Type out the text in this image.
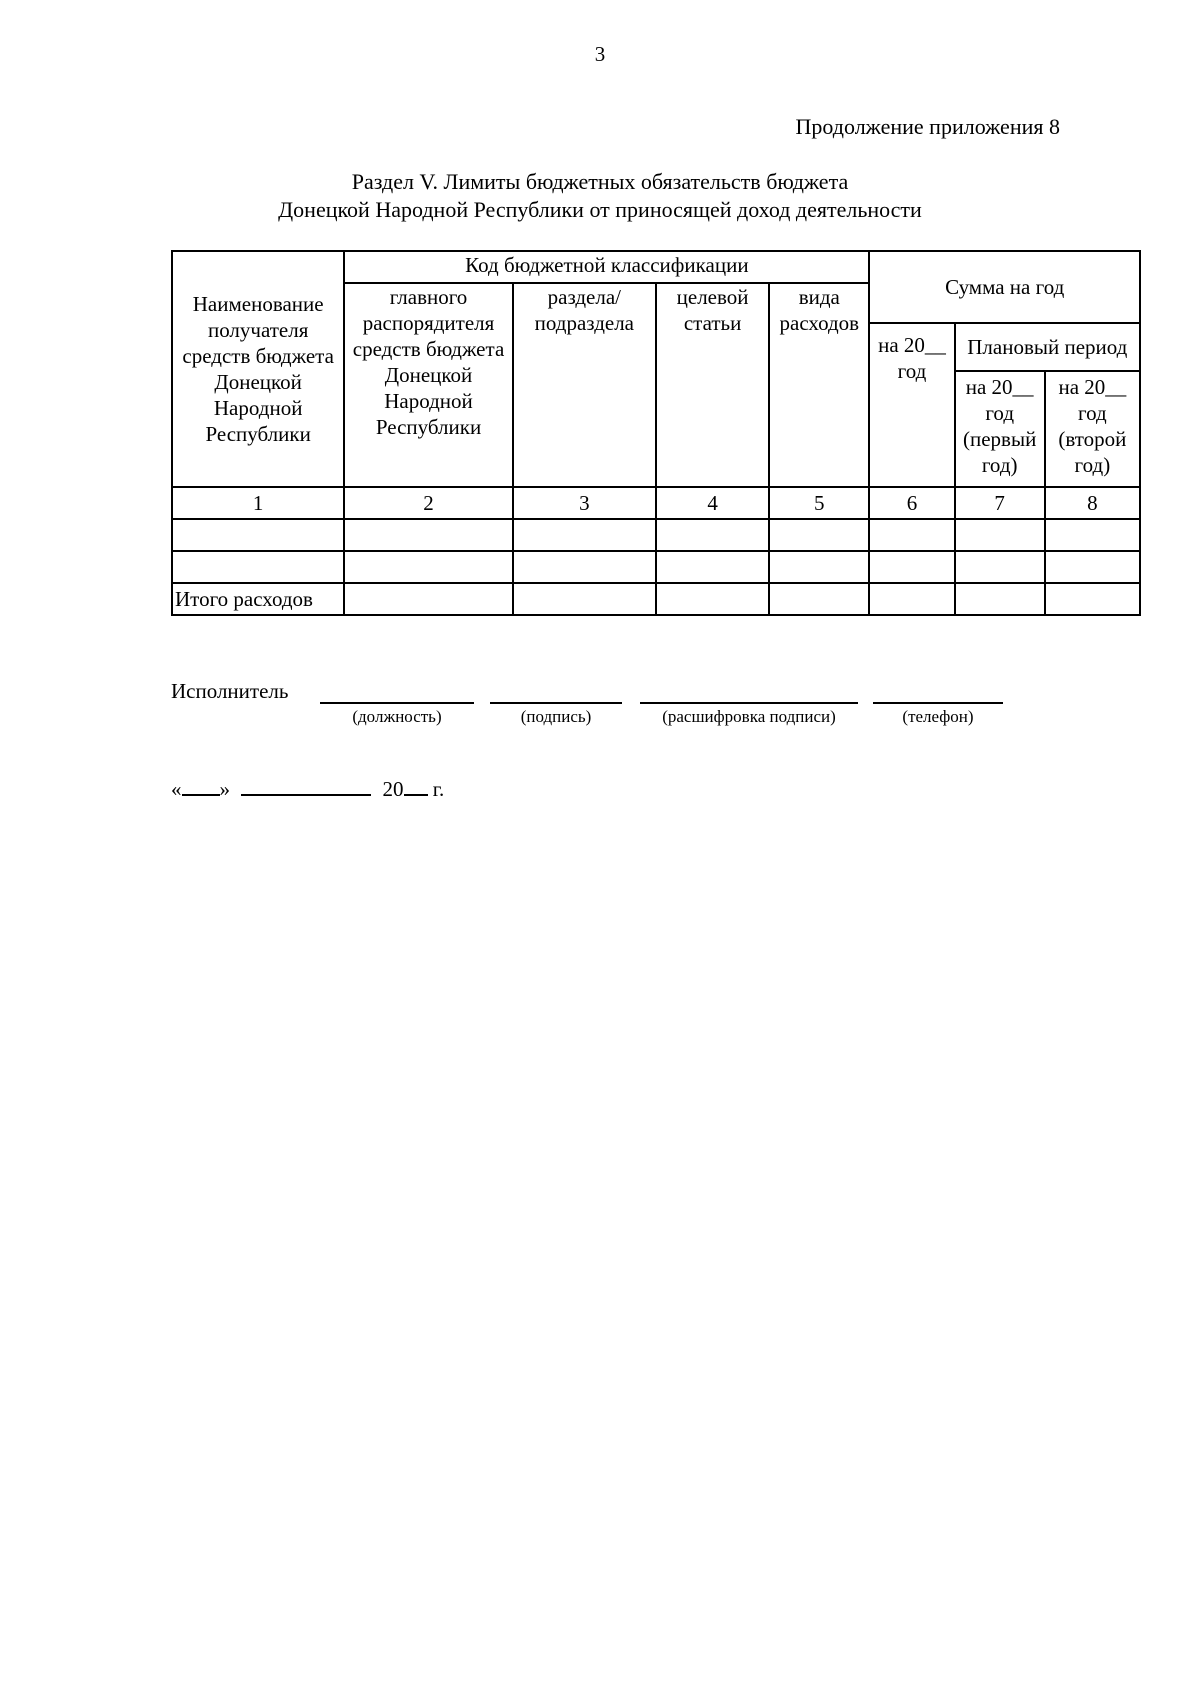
3
Продолжение приложения 8
Раздел V. Лимиты бюджетных обязательств бюджета
Донецкой Народной Республики от приносящей доход деятельности
Наименование получателя средств бюджета Донецкой Народной Республики	Код бюджетной классификации				Сумма на год		
	главного распорядителя средств бюджета Донецкой Народной Республики	раздела/ подраздела	целевой статьи	вида расходов			
					на 20__ год	Плановый период	
						на 20__ год (первый год)	на 20__ год (второй год)
1	2	3	4	5	6	7	8

Итого расходов							
Исполнитель
(должность)	(подпись)	(расшифровка подписи)	(телефон)
« »	20 г.
